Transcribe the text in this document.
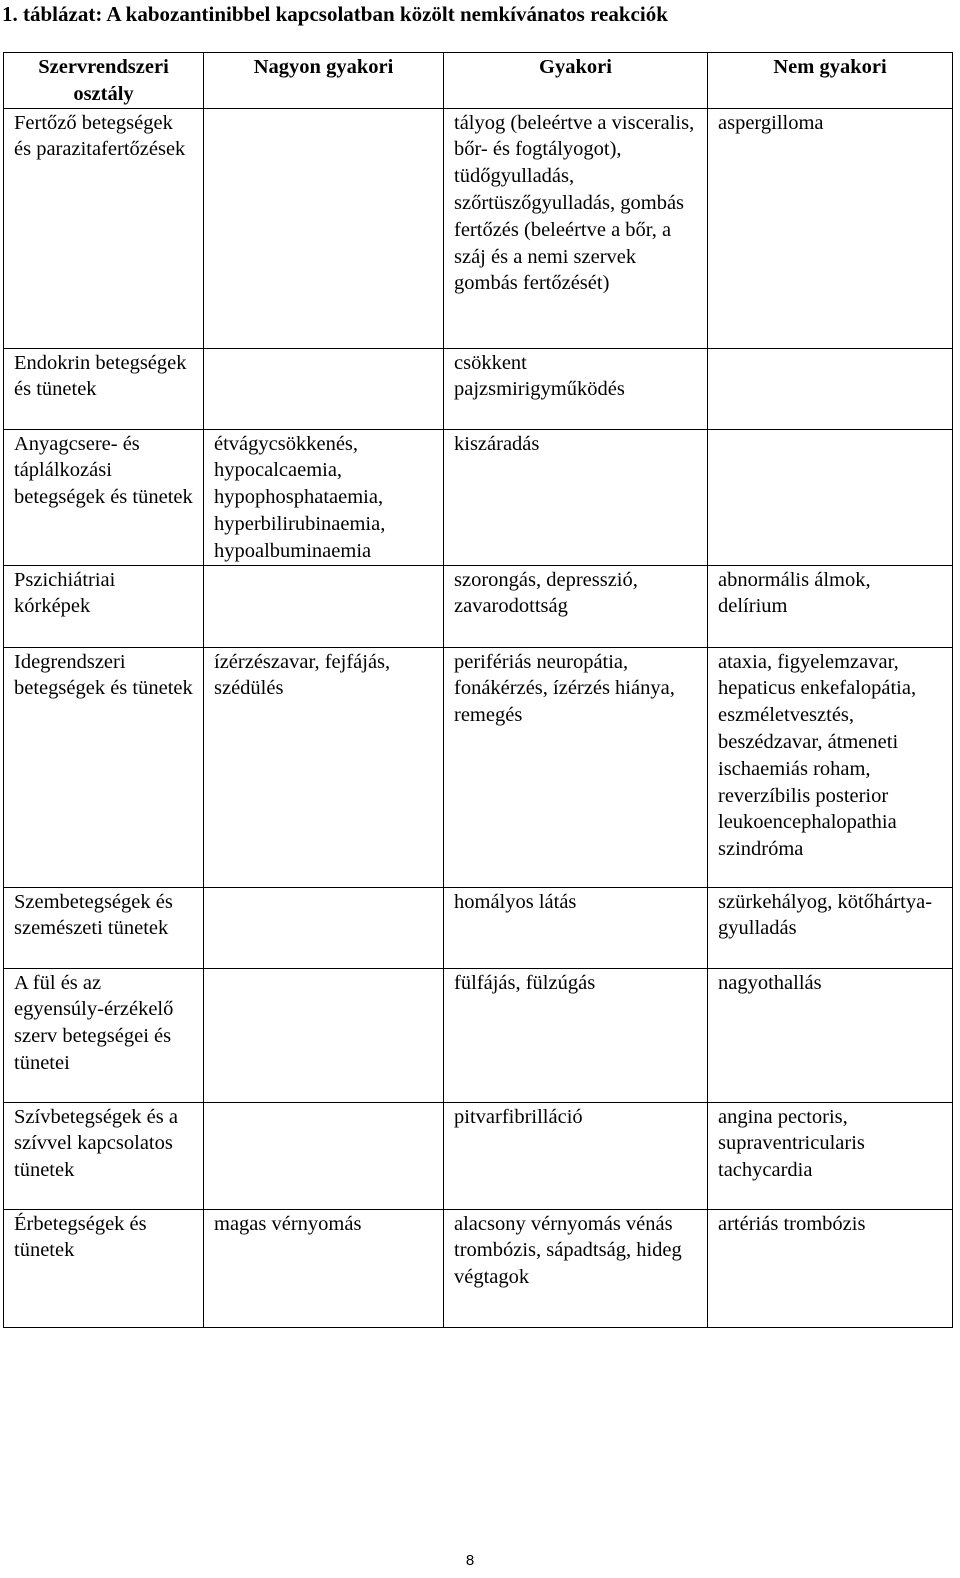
1. táblázat: A kabozantinibbel kapcsolatban közölt nemkívánatos reakciók
Szervrendszeri osztály	Nagyon gyakori	Gyakori	Nem gyakori
Fertőző betegségek és parazitafertőzések		tályog (beleértve a visceralis, bőr- és fogtályogot), tüdőgyulladás, szőrtüszőgyulladás, gombás fertőzés (beleértve a bőr, a száj és a nemi szervek gombás fertőzését)	aspergilloma
Endokrin betegségek és tünetek		csökkent pajzsmirigyműködés	
Anyagcsere- és táplálkozási betegségek és tünetek	étvágycsökkenés, hypocalcaemia, hypophosphataemia, hyperbilirubinaemia, hypoalbuminaemia	kiszáradás	
Pszichiátriai kórképek		szorongás, depresszió, zavarodottság	abnormális álmok, delírium
Idegrendszeri betegségek és tünetek	ízérzészavar, fejfájás, szédülés	perifériás neuropátia, fonákérzés, ízérzés hiánya, remegés	ataxia, figyelemzavar, hepaticus enkefalopátia, eszméletvesztés, beszédzavar, átmeneti ischaemiás roham, reverzíbilis posterior leukoencephalopathia szindróma
Szembetegségek és szemészeti tünetek		homályos látás	szürkehályog, kötőhártya-gyulladás
A fül és az egyensúly-érzékelő szerv betegségei és tünetei		fülfájás, fülzúgás	nagyothallás
Szívbetegségek és a szívvel kapcsolatos tünetek		pitvarfibrilláció	angina pectoris, supraventricularis tachycardia
Érbetegségek és tünetek	magas vérnyomás	alacsony vérnyomás vénás trombózis, sápadtság, hideg végtagok	artériás trombózis
8
